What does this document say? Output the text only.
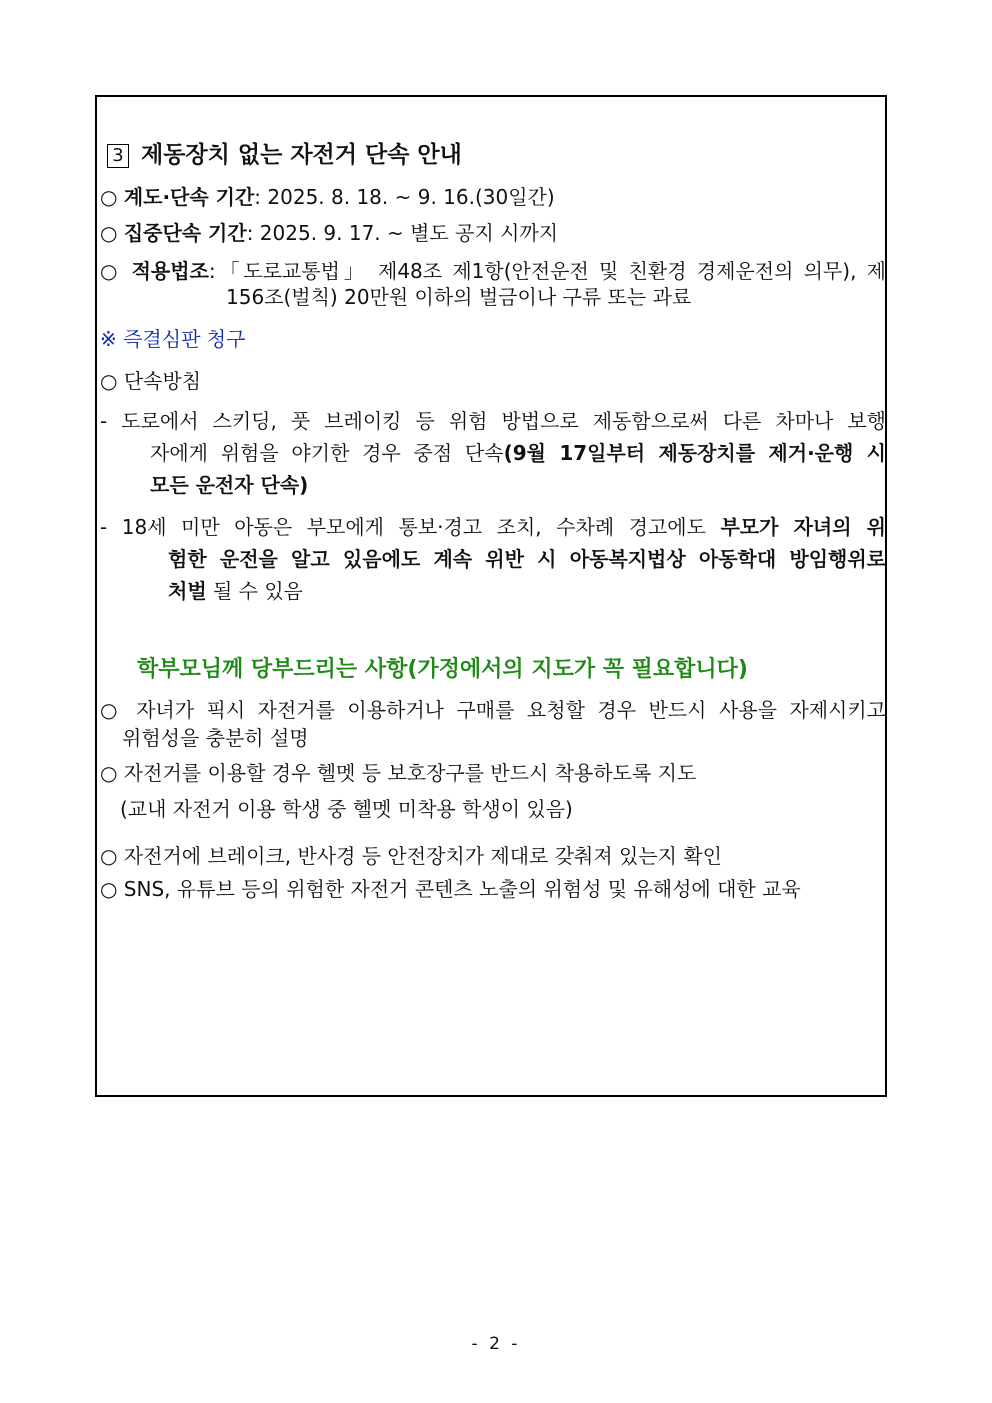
3 제동장치 없는 자전거 단속 안내
○ 계도·단속 기간: 2025. 8. 18. ~ 9. 16.(30일간)
○ 집중단속 기간: 2025. 9. 17. ~ 별도 공지 시까지
○ 적용법조:「도로교통법」 제48조 제1항(안전운전 및 친환경 경제운전의 의무), 제
156조(벌칙) 20만원 이하의 벌금이나 구류 또는 과료
※ 즉결심판 청구
○ 단속방침
- 도로에서 스키딩, 풋 브레이킹 등 위험 방법으로 제동함으로써 다른 차마나 보행
자에게 위험을 야기한 경우 중점 단속(9월 17일부터 제동장치를 제거·운행 시
모든 운전자 단속)
- 18세 미만 아동은 부모에게 통보·경고 조치, 수차례 경고에도 부모가 자녀의 위
험한 운전을 알고 있음에도 계속 위반 시 아동복지법상 아동학대 방임행위로
처벌 될 수 있음
학부모님께 당부드리는 사항(가정에서의 지도가 꼭 필요합니다)
○ 자녀가 픽시 자전거를 이용하거나 구매를 요청할 경우 반드시 사용을 자제시키고
위험성을 충분히 설명
○ 자전거를 이용할 경우 헬멧 등 보호장구를 반드시 착용하도록 지도
(교내 자전거 이용 학생 중 헬멧 미착용 학생이 있음)
○ 자전거에 브레이크, 반사경 등 안전장치가 제대로 갖춰져 있는지 확인
○ SNS, 유튜브 등의 위험한 자전거 콘텐츠 노출의 위험성 및 유해성에 대한 교육
- 2 -
